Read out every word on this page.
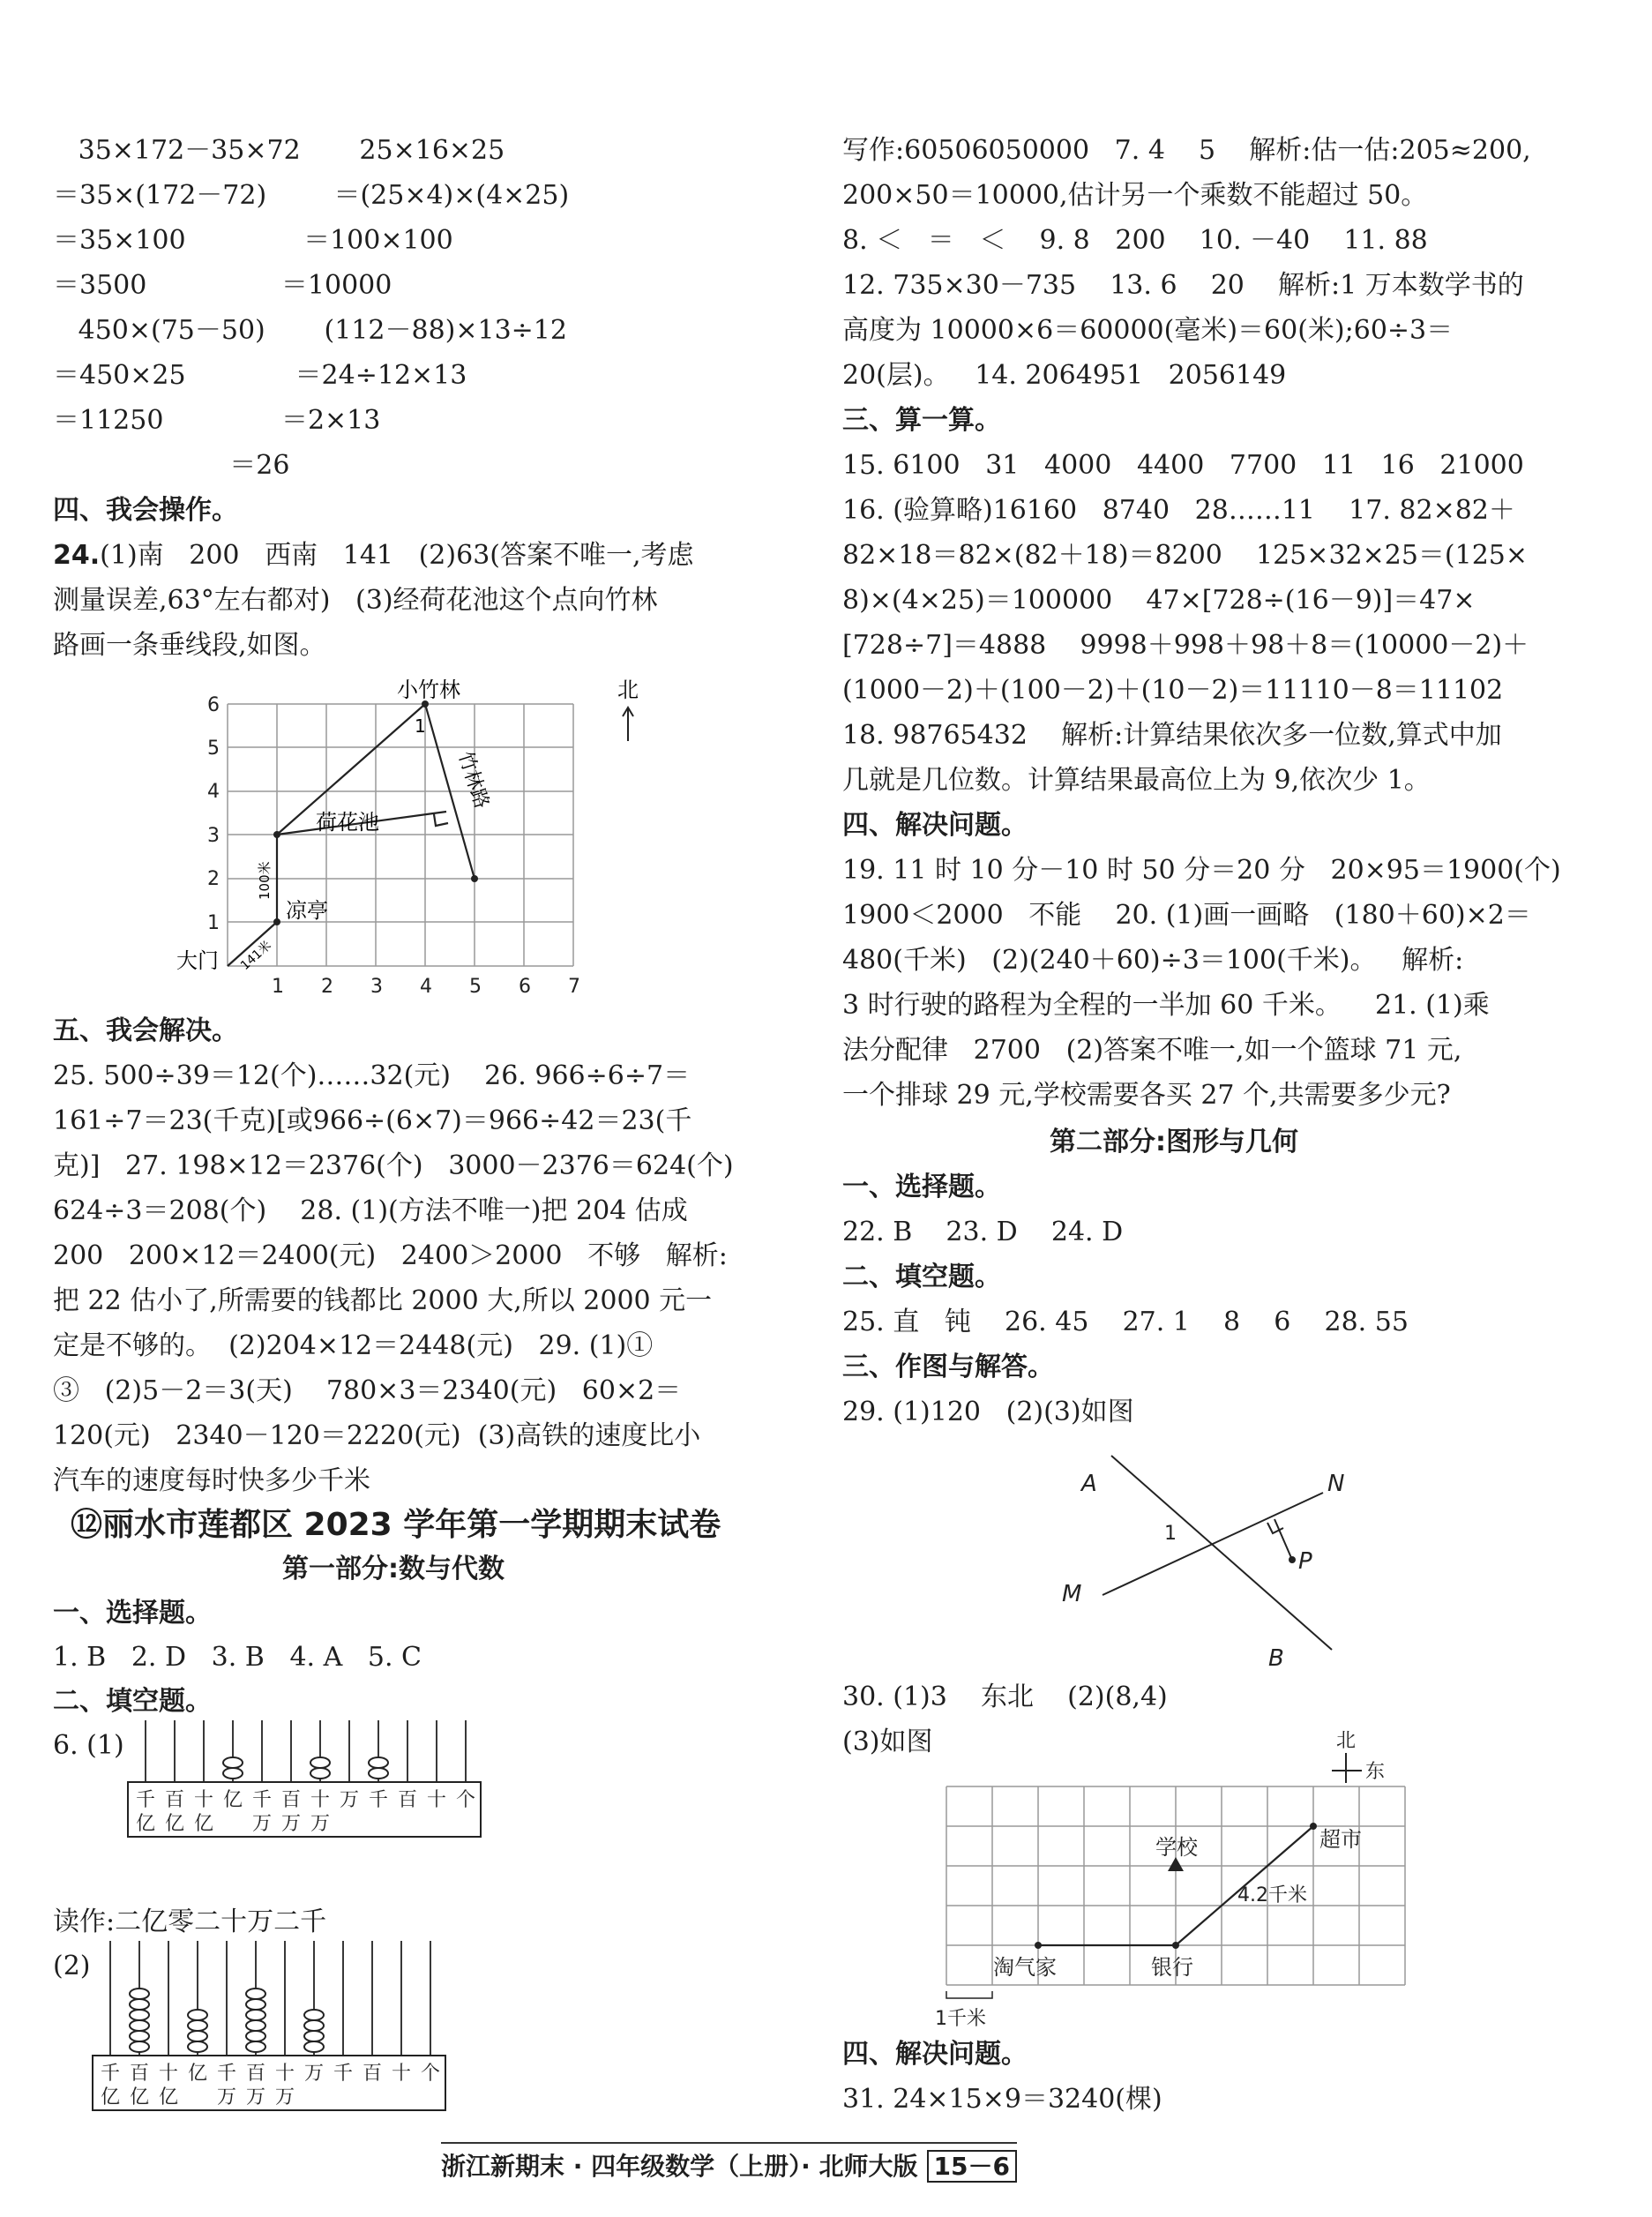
35×172－35×72       25×16×25
＝35×(172－72)        ＝(25×4)×(4×25)
＝35×100              ＝100×100
＝3500                ＝10000
450×(75－50)       (112－88)×13÷12
＝450×25             ＝24÷12×13
＝11250              ＝2×13
＝26
四、我会操作。
24.(1)南   200   西南   141   (2)63(答案不唯一,考虑
测量误差,63°左右都对)   (3)经荷花池这个点向竹林
路画一条垂线段,如图。
1 2 3 4 5 6 7
1
2
3
4
5
6
小竹林
荷花池
竹林路
凉亭
大门
100米
141米
1
北
五、我会解决。
25. 500÷39＝12(个)……32(元)    26. 966÷6÷7＝
161÷7＝23(千克)[或966÷(6×7)＝966÷42＝23(千
克)]   27. 198×12＝2376(个)   3000－2376＝624(个)
624÷3＝208(个)    28. (1)(方法不唯一)把 204 估成
200   200×12＝2400(元)   2400＞2000   不够   解析:
把 22 估小了,所需要的钱都比 2000 大,所以 2000 元一
定是不够的。  (2)204×12＝2448(元)   29. (1)①
③   (2)5－2＝3(天)    780×3＝2340(元)   60×2＝
120(元)   2340－120＝2220(元)  (3)高铁的速度比小
汽车的速度每时快多少千米
⑫丽水市莲都区 2023 学年第一学期期末试卷
第一部分:数与代数
一、选择题。
1. B   2. D   3. B   4. A   5. C
二、填空题。
6. (1)
千 百 十 亿 千 百 十 万 千 百 十 个
亿 亿 亿 万 万 万
读作:二亿零二十万二千
(2)
千 百 十 亿 千 百 十 万 千 百 十 个
亿 亿 亿 万 万 万
写作:60506050000   7. 4    5    解析:估一估:205≈200,
200×50＝10000,估计另一个乘数不能超过 50。
8. ＜   ＝   ＜    9. 8   200    10. －40    11. 88
12. 735×30－735    13. 6    20    解析:1 万本数学书的
高度为 10000×6＝60000(毫米)＝60(米);60÷3＝
20(层)。   14. 2064951   2056149
三、算一算。
15. 6100   31   4000   4400   7700   11   16   21000
16. (验算略)16160   8740   28……11    17. 82×82＋
82×18＝82×(82＋18)＝8200    125×32×25＝(125×
8)×(4×25)＝100000    47×[728÷(16－9)]＝47×
[728÷7]＝4888    9998＋998＋98＋8＝(10000－2)＋
(1000－2)＋(100－2)＋(10－2)＝11110－8＝11102
18. 98765432    解析:计算结果依次多一位数,算式中加
几就是几位数。计算结果最高位上为 9,依次少 1。
四、解决问题。
19. 11 时 10 分－10 时 50 分＝20 分   20×95＝1900(个)
1900＜2000   不能    20. (1)画一画略   (180＋60)×2＝
480(千米)   (2)(240＋60)÷3＝100(千米)。   解析:
3 时行驶的路程为全程的一半加 60 千米。    21. (1)乘
法分配律   2700   (2)答案不唯一,如一个篮球 71 元,
一个排球 29 元,学校需要各买 27 个,共需要多少元?
第二部分:图形与几何
一、选择题。
22. B    23. D    24. D
二、填空题。
25. 直   钝    26. 45    27. 1    8    6    28. 55
三、作图与解答。
29. (1)120   (2)(3)如图
A	N
M
B
P
1
30. (1)3    东北    (2)(8,4)
(3)如图
学校	超市
4.2千米
淘气家	银行
1千米
北
东
四、解决问题。
31. 24×15×9＝3240(棵)
浙江新期末 · 四年级数学（上册）· 北师大版 15－6
